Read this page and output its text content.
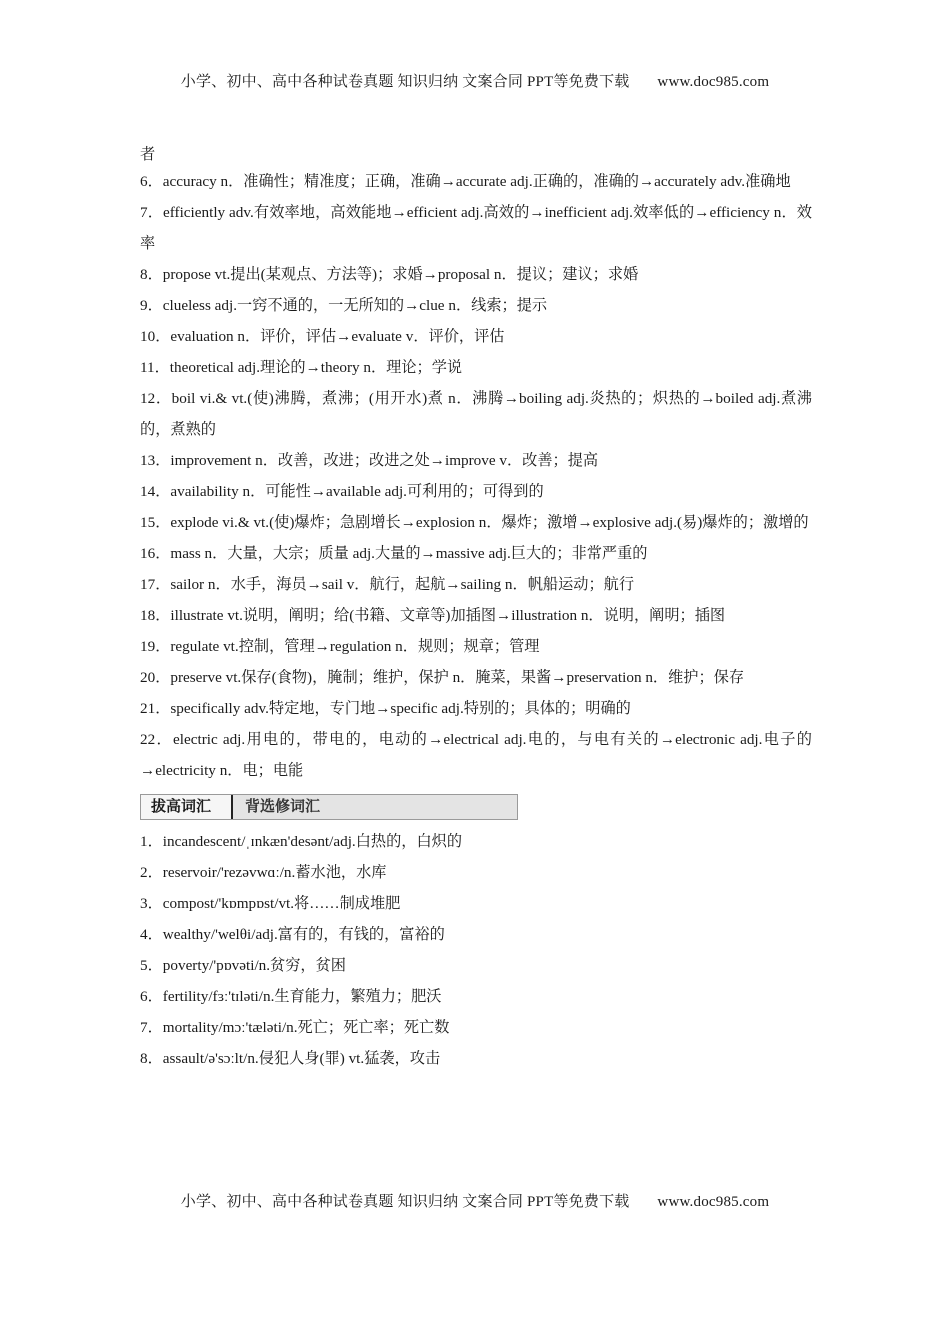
小学、初中、高中各种试卷真题 知识归纳 文案合同 PPT等免费下载 www.doc985.com

者

6．accuracy n．准确性；精准度；正确，准确→accurate adj.正确的，准确的→accurately adv.准确地

7．efficiently adv.有效率地，高效能地→efficient adj.高效的→inefficient adj.效率低的→efficiency n．效率

8．propose vt.提出(某观点、方法等)；求婚→proposal n．提议；建议；求婚

9．clueless adj.一窍不通的，一无所知的→clue n．线索；提示

10．evaluation n．评价，评估→evaluate v．评价，评估

11．theoretical adj.理论的→theory n．理论；学说

12．boil vi.& vt.(使)沸腾，煮沸；(用开水)煮 n．沸腾→boiling adj.炎热的；炽热的→boiled adj.煮沸的，煮熟的

13．improvement n．改善，改进；改进之处→improve v．改善；提高

14．availability n．可能性→available adj.可利用的；可得到的

15．explode vi.& vt.(使)爆炸；急剧增长→explosion n．爆炸；激增→explosive adj.(易)爆炸的；激增的

16．mass n．大量，大宗；质量 adj.大量的→massive adj.巨大的；非常严重的

17．sailor n．水手，海员→sail v．航行，起航→sailing n．帆船运动；航行

18．illustrate vt.说明，阐明；给(书籍、文章等)加插图→illustration n．说明，阐明；插图

19．regulate vt.控制，管理→regulation n．规则；规章；管理

20．preserve vt.保存(食物)，腌制；维护，保护 n．腌菜，果酱→preservation n．维护；保存

21．specifically adv.特定地，专门地→specific adj.特别的；具体的；明确的

22．electric adj.用电的，带电的，电动的→electrical adj.电的，与电有关的→electronic adj.电子的→electricity n．电；电能

拔高词汇	背选修词汇

1．incandescent/ˌɪnkæn'desənt/adj.白热的，白炽的

2．reservoir/'rezəvwɑː/n.蓄水池，水库

3．compost/'kɒmpɒst/vt.将……制成堆肥

4．wealthy/'welθi/adj.富有的，有钱的，富裕的

5．poverty/'pɒvəti/n.贫穷，贫困

6．fertility/fɜː'tɪləti/n.生育能力，繁殖力；肥沃

7．mortality/mɔː'tæləti/n.死亡；死亡率；死亡数

8．assault/ə'sɔːlt/n.侵犯人身(罪) vt.猛袭，攻击

小学、初中、高中各种试卷真题 知识归纳 文案合同 PPT等免费下载 www.doc985.com
